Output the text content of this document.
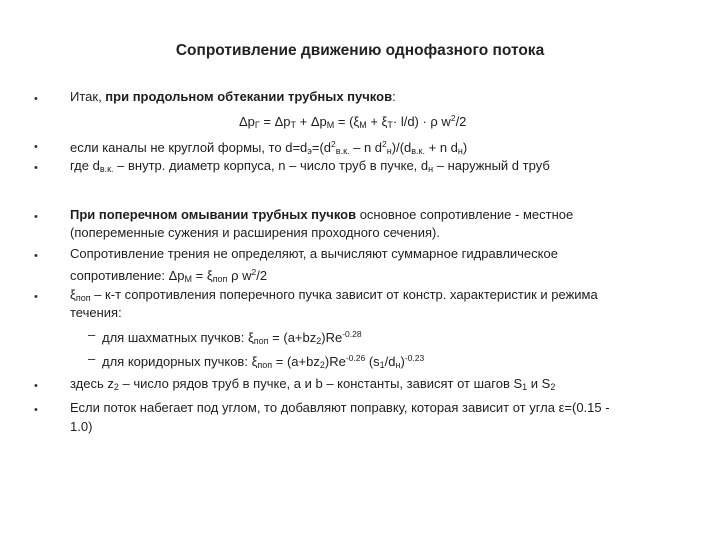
Сопротивление движению однофазного потока
• Итак, при продольном обтекании трубных пучков:
$\Delta p_Г = \Delta p_Т + \Delta p_М = (\xi_М + \xi_Т\cdot l/d) \cdot \rho$ $w^2/2$
• если каналы не круглой формы, то $d=d_э=(d^2_{в.к.} - n$ $d^2_н)/(d_{в.к.} + n$ $d_н$)
• где $d_{в.к.}$ – внутр. диаметр корпуса, n – число труб в пучке, $d_н$ – наружный d труб
• При поперечном омывании трубных пучков основное сопротивление - местное
(попеременные сужения и расширения проходного сечения).
• Сопротивление трения не определяют, а вычисляют суммарное гидравлическое
сопротивление: $\Delta p_М = \xi_{поп}$ ρ $w^2/2$
• $\xi_{поп} - к-т$ сопротивления поперечного пучка зависит от констр. характеристик и режима
течения:
– для шахматных пучков: $\xi_{поп} = (a+bz_2)Re^{-0.28}$
– для коридорных пучков: $\xi_{поп} = (a+bz_2)Re^{-0.26}$ $(s_1/d_н)^{-0.23}$
• здесь $z_2$ – число рядов труб в пучке, a и b – константы, зависят от шагов $S_1$ и $S_2$
• Если поток набегает под углом, то добавляют поправку, которая зависит от угла ε=(0.15 -
1.0)
